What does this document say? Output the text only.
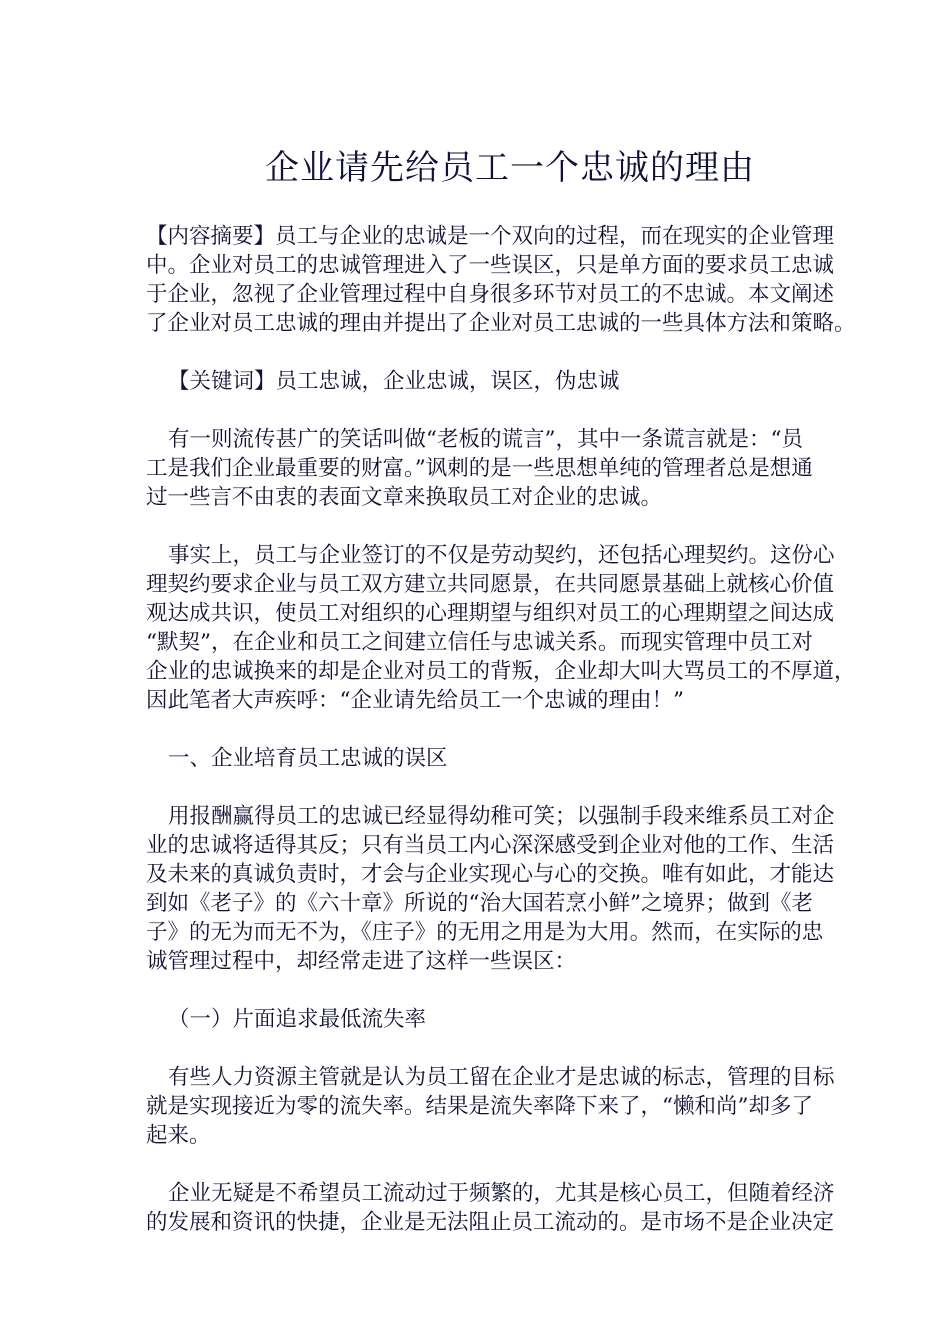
企业请先给员工一个忠诚的理由

【内容摘要】员工与企业的忠诚是一个双向的过程，而在现实的企业管理
中。企业对员工的忠诚管理进入了一些误区，只是单方面的要求员工忠诚
于企业，忽视了企业管理过程中自身很多环节对员工的不忠诚。本文阐述
了企业对员工忠诚的理由并提出了企业对员工忠诚的一些具体方法和策略。

【关键词】员工忠诚，企业忠诚，误区，伪忠诚

有一则流传甚广的笑话叫做“老板的谎言”，其中一条谎言就是：“员
工是我们企业最重要的财富。”讽刺的是一些思想单纯的管理者总是想通
过一些言不由衷的表面文章来换取员工对企业的忠诚。

事实上，员工与企业签订的不仅是劳动契约，还包括心理契约。这份心
理契约要求企业与员工双方建立共同愿景，在共同愿景基础上就核心价值
观达成共识，使员工对组织的心理期望与组织对员工的心理期望之间达成
“默契”，在企业和员工之间建立信任与忠诚关系。而现实管理中员工对
企业的忠诚换来的却是企业对员工的背叛，企业却大叫大骂员工的不厚道，
因此笔者大声疾呼：“企业请先给员工一个忠诚的理由！”

一、企业培育员工忠诚的误区

用报酬赢得员工的忠诚已经显得幼稚可笑；以强制手段来维系员工对企
业的忠诚将适得其反；只有当员工内心深深感受到企业对他的工作、生活
及未来的真诚负责时，才会与企业实现心与心的交换。唯有如此，才能达
到如《老子》的《六十章》所说的“治大国若烹小鲜”之境界；做到《老
子》的无为而无不为，《庄子》的无用之用是为大用。然而，在实际的忠
诚管理过程中，却经常走进了这样一些误区：

（一）片面追求最低流失率

有些人力资源主管就是认为员工留在企业才是忠诚的标志，管理的目标
就是实现接近为零的流失率。结果是流失率降下来了，“懒和尚”却多了
起来。

企业无疑是不希望员工流动过于频繁的，尤其是核心员工，但随着经济
的发展和资讯的快捷，企业是无法阻止员工流动的。是市场不是企业决定
